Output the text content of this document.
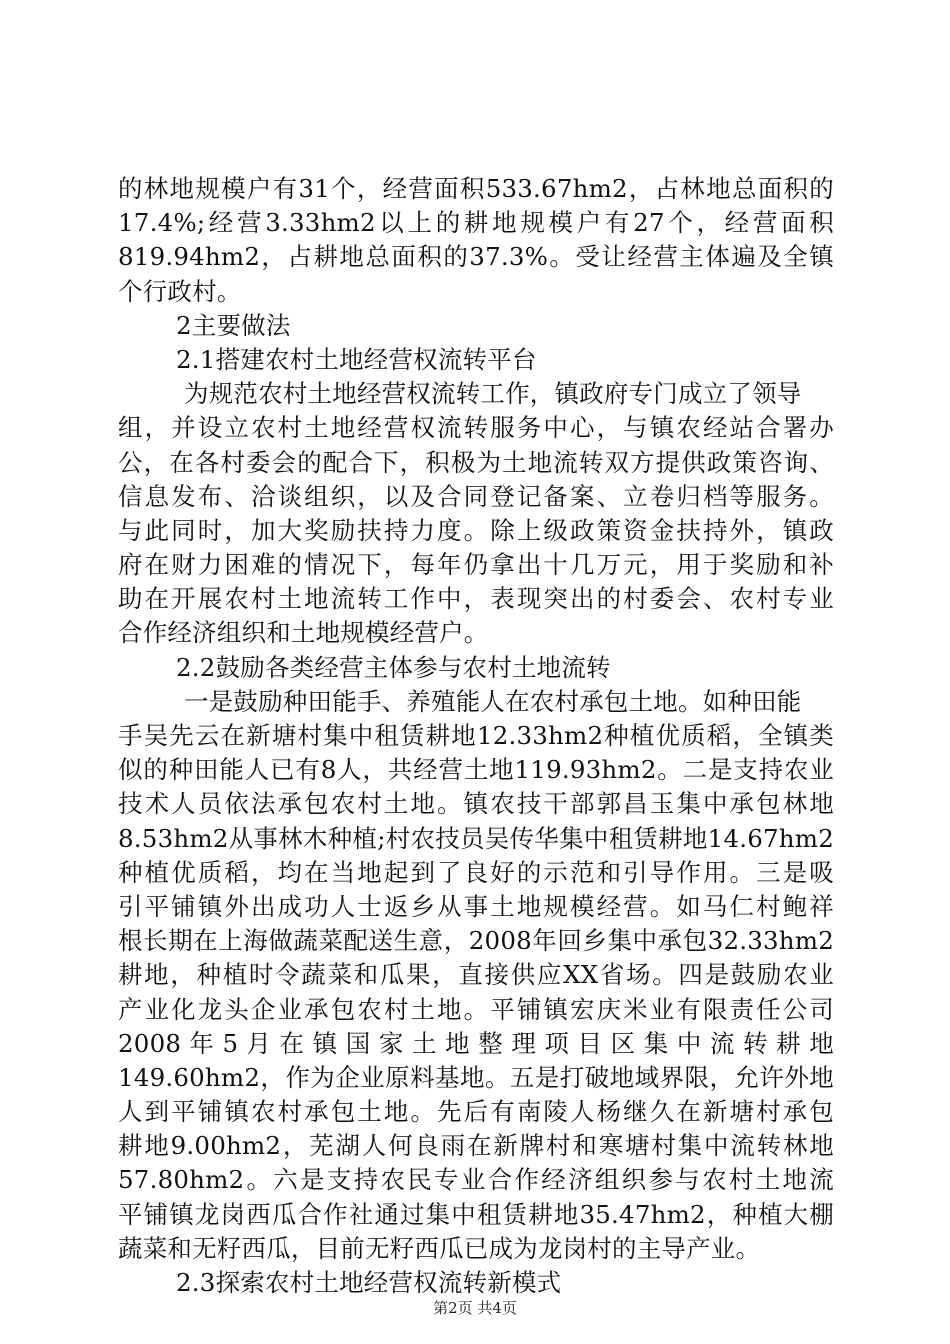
的林地规模户有31个，经营面积533.67hm2，占林地总面积的
17.4%;经营3.33hm2以上的耕地规模户有27个，经营面积
819.94hm2，占耕地总面积的37.3%。受让经营主体遍及全镇
个行政村。
2主要做法
2.1搭建农村土地经营权流转平台
为规范农村土地经营权流转工作，镇政府专门成立了领导
组，并设立农村土地经营权流转服务中心，与镇农经站合署办
公，在各村委会的配合下，积极为土地流转双方提供政策咨询、
信息发布、洽谈组织，以及合同登记备案、立卷归档等服务。
与此同时，加大奖励扶持力度。除上级政策资金扶持外，镇政
府在财力困难的情况下，每年仍拿出十几万元，用于奖励和补
助在开展农村土地流转工作中，表现突出的村委会、农村专业
合作经济组织和土地规模经营户。
2.2鼓励各类经营主体参与农村土地流转
一是鼓励种田能手、养殖能人在农村承包土地。如种田能
手吴先云在新塘村集中租赁耕地12.33hm2种植优质稻，全镇类
似的种田能人已有8人，共经营土地119.93hm2。二是支持农业
技术人员依法承包农村土地。镇农技干部郭昌玉集中承包林地
8.53hm2从事林木种植;村农技员吴传华集中租赁耕地14.67hm2
种植优质稻，均在当地起到了良好的示范和引导作用。三是吸
引平铺镇外出成功人士返乡从事土地规模经营。如马仁村鲍祥
根长期在上海做蔬菜配送生意，2008年回乡集中承包32.33hm2
耕地，种植时令蔬菜和瓜果，直接供应XX省场。四是鼓励农业
产业化龙头企业承包农村土地。平铺镇宏庆米业有限责任公司
2008 年 5 月 在 镇 国 家 土 地 整 理 项 目 区 集 中 流 转 耕 地
149.60hm2，作为企业原料基地。五是打破地域界限，允许外地
人到平铺镇农村承包土地。先后有南陵人杨继久在新塘村承包
耕地9.00hm2，芜湖人何良雨在新牌村和寒塘村集中流转林地
57.80hm2。六是支持农民专业合作经济组织参与农村土地流
平铺镇龙岗西瓜合作社通过集中租赁耕地35.47hm2，种植大棚
蔬菜和无籽西瓜，目前无籽西瓜已成为龙岗村的主导产业。
2.3探索农村土地经营权流转新模式
第2页 共4页
